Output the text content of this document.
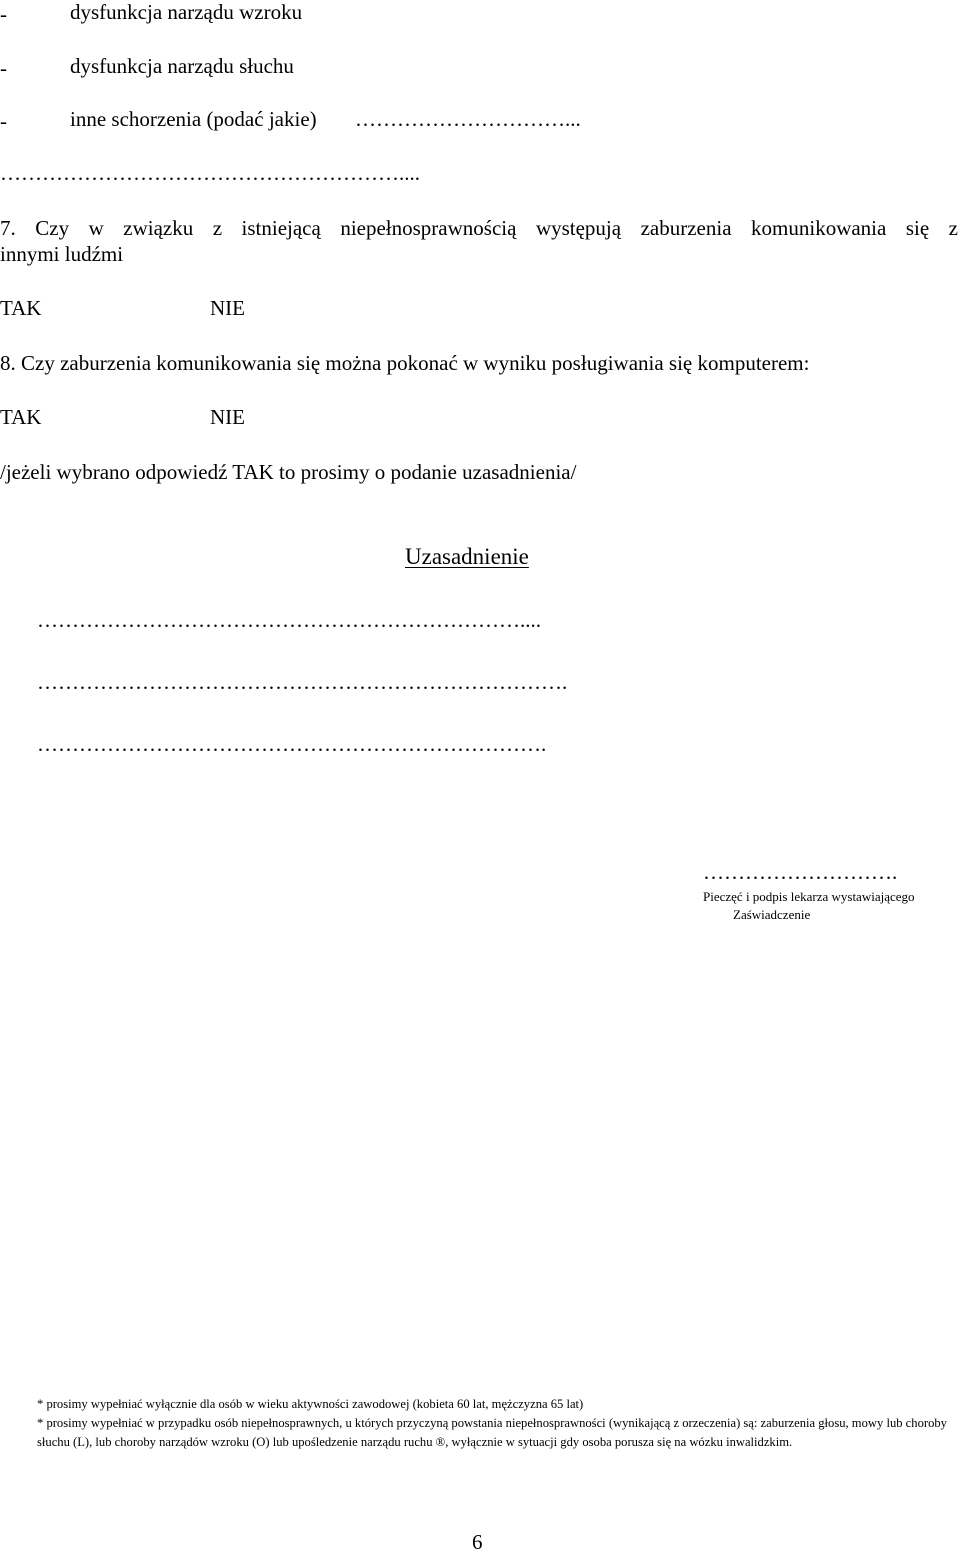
-	dysfunkcja narządu wzroku
-	dysfunkcja narządu słuchu
-	inne schorzenia (podać jakie) …………………………...
…………………………………………………....
7. Czy w związku z istniejącą niepełnosprawnością występują zaburzenia komunikowania się z
innymi ludźmi
TAK	NIE
8. Czy zaburzenia komunikowania się można pokonać w wyniku posługiwania się komputerem:
TAK	NIE
/jeżeli wybrano odpowiedź TAK to prosimy o podanie uzasadnienia/
Uzasadnienie
……………………………………………………………....
………………………………………………………………….
……………………………………………………………….
……………………….
Pieczęć i podpis lekarza wystawiającego
Zaświadczenie
* prosimy wypełniać wyłącznie dla osób w wieku aktywności zawodowej (kobieta 60 lat, mężczyzna 65 lat)
* prosimy wypełniać w przypadku osób niepełnosprawnych, u których przyczyną powstania niepełnosprawności (wynikającą z orzeczenia) są: zaburzenia głosu, mowy lub choroby słuchu (L), lub choroby narządów wzroku (O) lub upośledzenie narządu ruchu ®, wyłącznie w sytuacji gdy osoba porusza się na wózku inwalidzkim.
6
